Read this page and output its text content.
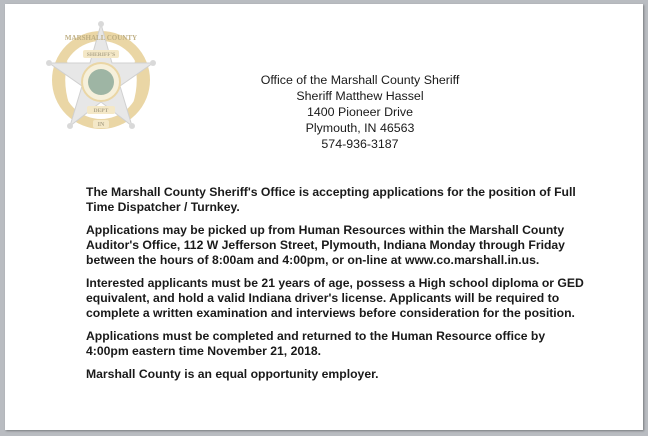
MARSHALL COUNTY
SHERIFF'S
DEPT
IN
Office of the Marshall County Sheriff
Sheriff Matthew Hassel
1400 Pioneer Drive
Plymouth, IN 46563
574-936-3187

The Marshall County Sheriff's Office is accepting applications for the position of Full Time Dispatcher / Turnkey.

Applications may be picked up from Human Resources within the Marshall County Auditor's Office, 112 W Jefferson Street, Plymouth, Indiana Monday through Friday between the hours of 8:00am and 4:00pm, or on-line at www.co.marshall.in.us.

Interested applicants must be 21 years of age, possess a High school diploma or GED equivalent, and hold a valid Indiana driver's license. Applicants will be required to complete a written examination and interviews before consideration for the position.

Applications must be completed and returned to the Human Resource office by 4:00pm eastern time November 21, 2018.

Marshall County is an equal opportunity employer.
